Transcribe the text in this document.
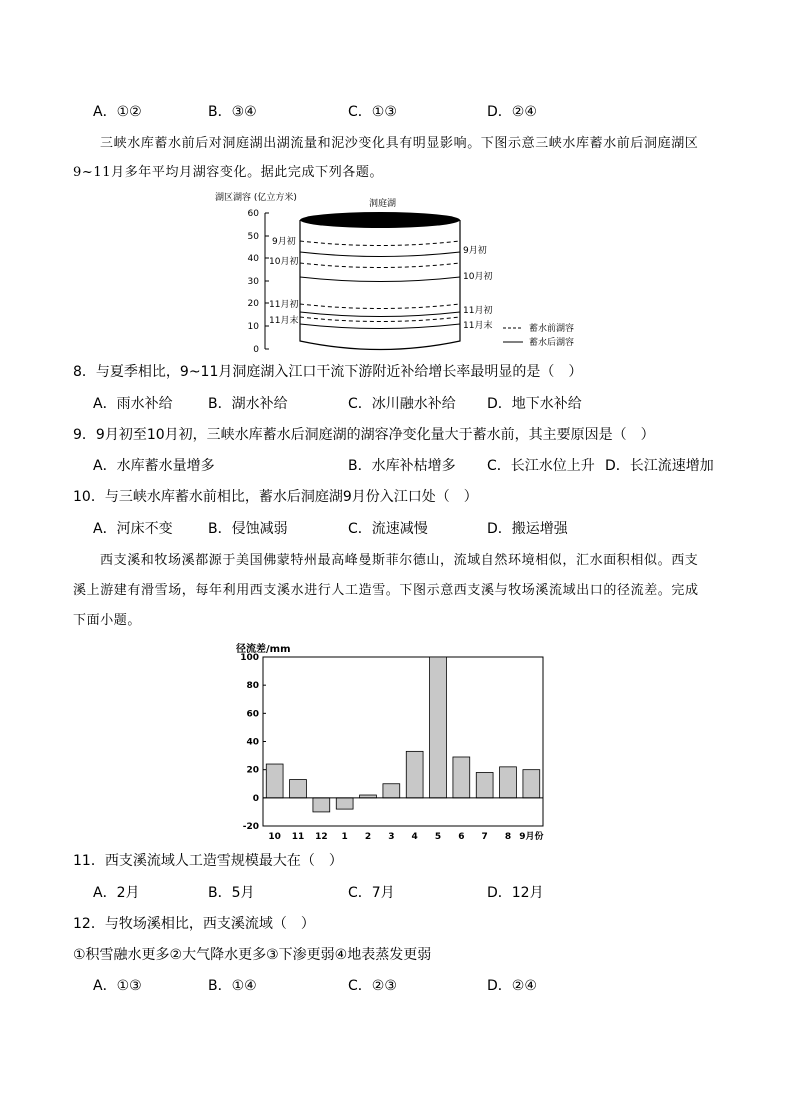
A．①②	B．③④	C．①③	D．②④
三峡水库蓄水前后对洞庭湖出湖流量和泥沙变化具有明显影响。下图示意三峡水库蓄水前后洞庭湖区
9~11月多年平均月湖容变化。据此完成下列各题。
湖区湖容 (亿立方米)
洞庭湖
60
50
40
30
20
10
0
9月初
10月初
11月初
11月末
9月初
10月初
11月初
11月末	蓄水前湖容
蓄水后湖容
8．与夏季相比，9~11月洞庭湖入江口干流下游附近补给增长率最明显的是（　）
A．雨水补给	B．湖水补给	C．冰川融水补给 D．地下水补给
9．9月初至10月初，三峡水库蓄水后洞庭湖的湖容净变化量大于蓄水前，其主要原因是（　）
A．水库蓄水量增多	B．水库补枯增多 C．长江水位上升 D．长江流速增加
10．与三峡水库蓄水前相比，蓄水后洞庭湖9月份入江口处（　）
A．河床不变	B．侵蚀减弱	C．流速减慢	D．搬运增强
西支溪和牧场溪都源于美国佛蒙特州最高峰曼斯菲尔德山，流域自然环境相似，汇水面积相似。西支
溪上游建有滑雪场，每年利用西支溪水进行人工造雪。下图示意西支溪与牧场溪流域出口的径流差。完成
下面小题。
径流差/mm
-20
0
20
40
60
80
100
10 11 12 1 2 3 4 5 6 7 8 9月份
11．西支溪流域人工造雪规模最大在（　）
A．2月	B．5月	C．7月	D．12月
12．与牧场溪相比，西支溪流域（　）
①积雪融水更多②大气降水更多③下渗更弱④地表蒸发更弱
A．①③	B．①④	C．②③	D．②④
